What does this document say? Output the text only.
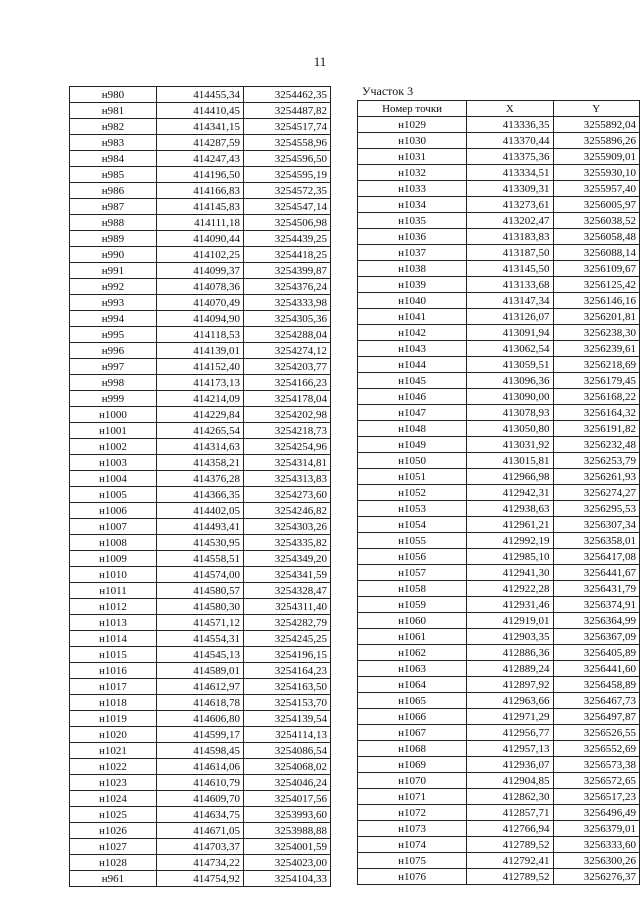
11
н980	414455,34	3254462,35
н981	414410,45	3254487,82
н982	414341,15	3254517,74
н983	414287,59	3254558,96
н984	414247,43	3254596,50
н985	414196,50	3254595,19
н986	414166,83	3254572,35
н987	414145,83	3254547,14
н988	414111,18	3254506,98
н989	414090,44	3254439,25
н990	414102,25	3254418,25
н991	414099,37	3254399,87
н992	414078,36	3254376,24
н993	414070,49	3254333,98
н994	414094,90	3254305,36
н995	414118,53	3254288,04
н996	414139,01	3254274,12
н997	414152,40	3254203,77
н998	414173,13	3254166,23
н999	414214,09	3254178,04
н1000	414229,84	3254202,98
н1001	414265,54	3254218,73
н1002	414314,63	3254254,96
н1003	414358,21	3254314,81
н1004	414376,28	3254313,83
н1005	414366,35	3254273,60
н1006	414402,05	3254246,82
н1007	414493,41	3254303,26
н1008	414530,95	3254335,82
н1009	414558,51	3254349,20
н1010	414574,00	3254341,59
н1011	414580,57	3254328,47
н1012	414580,30	3254311,40
н1013	414571,12	3254282,79
н1014	414554,31	3254245,25
н1015	414545,13	3254196,15
н1016	414589,01	3254164,23
н1017	414612,97	3254163,50
н1018	414618,78	3254153,70
н1019	414606,80	3254139,54
н1020	414599,17	3254114,13
н1021	414598,45	3254086,54
н1022	414614,06	3254068,02
н1023	414610,79	3254046,24
н1024	414609,70	3254017,56
н1025	414634,75	3253993,60
н1026	414671,05	3253988,88
н1027	414703,37	3254001,59
н1028	414734,22	3254023,00
н961	414754,92	3254104,33
Участок 3
Номер точки	X	Y
н1029	413336,35	3255892,04
н1030	413370,44	3255896,26
н1031	413375,36	3255909,01
н1032	413334,51	3255930,10
н1033	413309,31	3255957,40
н1034	413273,61	3256005,97
н1035	413202,47	3256038,52
н1036	413183,83	3256058,48
н1037	413187,50	3256088,14
н1038	413145,50	3256109,67
н1039	413133,68	3256125,42
н1040	413147,34	3256146,16
н1041	413126,07	3256201,81
н1042	413091,94	3256238,30
н1043	413062,54	3256239,61
н1044	413059,51	3256218,69
н1045	413096,36	3256179,45
н1046	413090,00	3256168,22
н1047	413078,93	3256164,32
н1048	413050,80	3256191,82
н1049	413031,92	3256232,48
н1050	413015,81	3256253,79
н1051	412966,98	3256261,93
н1052	412942,31	3256274,27
н1053	412938,63	3256295,53
н1054	412961,21	3256307,34
н1055	412992,19	3256358,01
н1056	412985,10	3256417,08
н1057	412941,30	3256441,67
н1058	412922,28	3256431,79
н1059	412931,46	3256374,91
н1060	412919,01	3256364,99
н1061	412903,35	3256367,09
н1062	412886,36	3256405,89
н1063	412889,24	3256441,60
н1064	412897,92	3256458,89
н1065	412963,66	3256467,73
н1066	412971,29	3256497,87
н1067	412956,77	3256526,55
н1068	412957,13	3256552,69
н1069	412936,07	3256573,38
н1070	412904,85	3256572,65
н1071	412862,30	3256517,23
н1072	412857,71	3256496,49
н1073	412766,94	3256379,01
н1074	412789,52	3256333,60
н1075	412792,41	3256300,26
н1076	412789,52	3256276,37
